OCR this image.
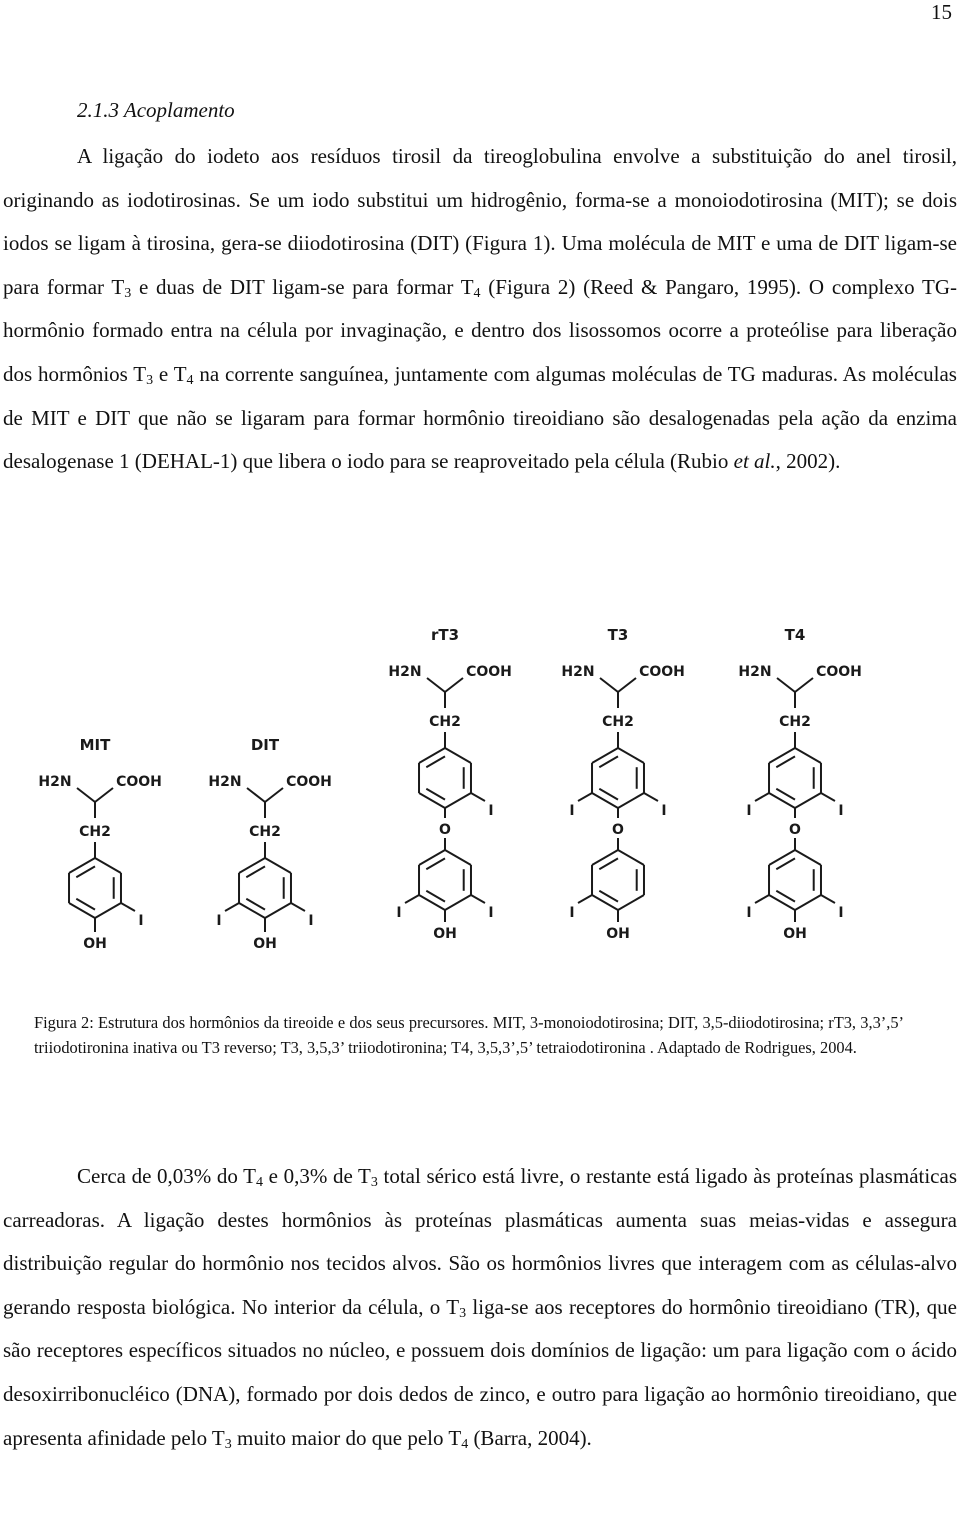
15
2.1.3 Acoplamento

A ligação do iodeto aos resíduos tirosil da tireoglobulina envolve a substituição do anel tirosil, originando as iodotirosinas. Se um iodo substitui um hidrogênio, forma-se a monoiodotirosina (MIT); se dois iodos se ligam à tirosina, gera-se diiodotirosina (DIT) (Figura 1). Uma molécula de MIT e uma de DIT ligam-se para formar $T_3$ e duas de DIT ligam-se para formar $T_4$ (Figura 2) (Reed & Pangaro, 1995). O complexo TG-hormônio formado entra na célula por invaginação, e dentro dos lisossomos ocorre a proteólise para liberação dos hormônios $T_3$ e $T_4$ na corrente sanguínea, juntamente com algumas moléculas de TG maduras. As moléculas de MIT e DIT que não se ligaram para formar hormônio tireoidiano são desalogenadas pela ação da enzima desalogenase 1 (DEHAL-1) que libera o iodo para se reaproveitado pela célula (Rubio et al., 2002).

MIT
H2N	COOH
CH2
I
OH
DIT
H2N	COOH
CH2
I	I
OH
rT3
H2N	COOH
CH2
I
O
I	I
OH
T3
H2N	COOH
CH2
I	I
O
I
OH
T4
H2N	COOH
CH2
I	I
O
I	I
OH

Figura 2: Estrutura dos hormônios da tireoide e dos seus precursores. MIT, 3-monoiodotirosina; DIT, 3,5-diiodotirosina; rT3, 3,3’,5’ triiodotironina inativa ou T3 reverso; T3, 3,5,3’ triiodotironina; T4, 3,5,3’,5’ tetraiodotironina . Adaptado de Rodrigues, 2004.

Cerca de 0,03% do $T_4$ e 0,3% de $T_3$ total sérico está livre, o restante está ligado às proteínas plasmáticas carreadoras. A ligação destes hormônios às proteínas plasmáticas aumenta suas meias-vidas e assegura distribuição regular do hormônio nos tecidos alvos. São os hormônios livres que interagem com as células-alvo gerando resposta biológica. No interior da célula, o $T_3$ liga-se aos receptores do hormônio tireoidiano (TR), que são receptores específicos situados no núcleo, e possuem dois domínios de ligação: um para ligação com o ácido desoxirribonucléico (DNA), formado por dois dedos de zinco, e outro para ligação ao hormônio tireoidiano, que apresenta afinidade pelo $T_3$ muito maior do que pelo $T_4$ (Barra, 2004).
